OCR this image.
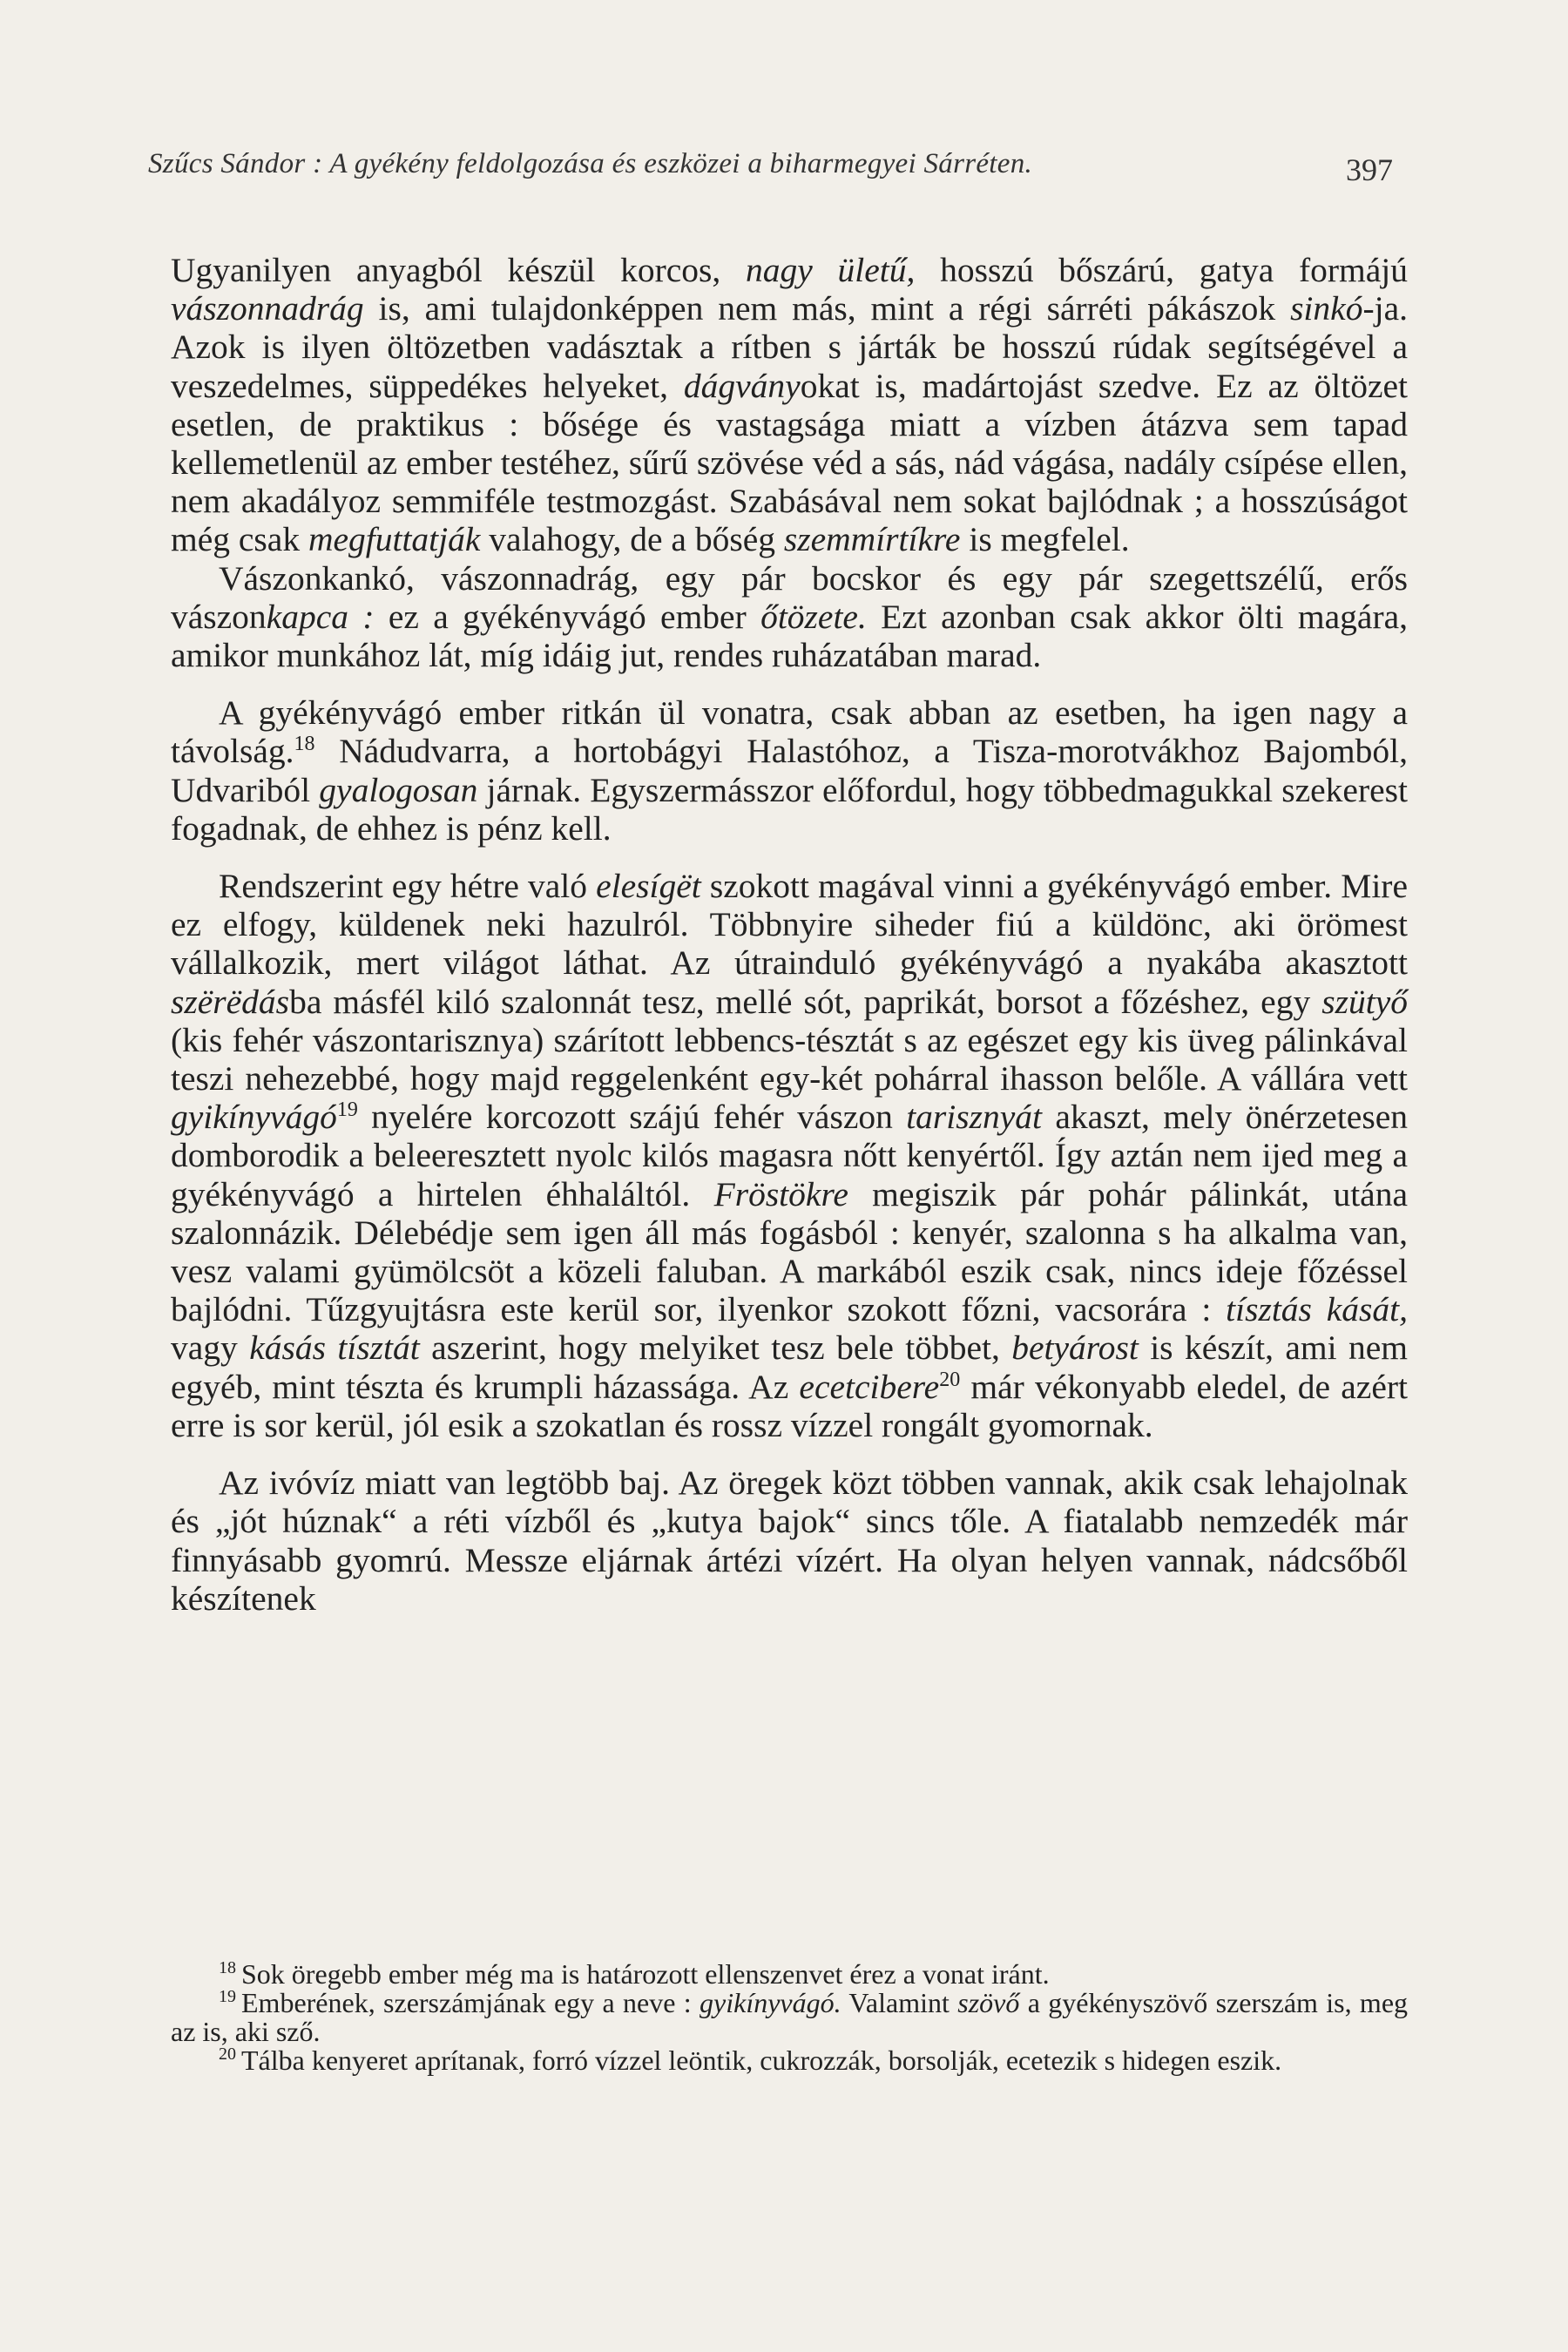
Szűcs Sándor : A gyékény feldolgozása és eszközei a biharmegyei Sárréten.	397

Ugyanilyen anyagból készül korcos, nagy ületű, hosszú bőszárú, gatya formájú vászonnadrág is, ami tulajdonképpen nem más, mint a régi sárréti pákászok sinkó-ja. Azok is ilyen öltözetben vadásztak a rítben s járták be hosszú rúdak segítségével a veszedelmes, süppedékes helyeket, dágványokat is, madártojást szedve. Ez az öltözet esetlen, de praktikus : bősége és vastagsága miatt a vízben átázva sem tapad kellemetlenül az ember testéhez, sűrű szövése véd a sás, nád vágása, nadály csípése ellen, nem akadályoz semmiféle testmozgást. Szabásával nem sokat bajlódnak ; a hosszúságot még csak megfuttatják valahogy, de a bőség szemmírtíkre is megfelel.

Vászonkankó, vászonnadrág, egy pár bocskor és egy pár szegettszélű, erős vászonkapca : ez a gyékényvágó ember őtözete. Ezt azonban csak akkor ölti magára, amikor munkához lát, míg idáig jut, rendes ruházatában marad.

A gyékényvágó ember ritkán ül vonatra, csak abban az esetben, ha igen nagy a távolság.$^{18}$ Nádudvarra, a hortobágyi Halastóhoz, a Tisza-morotvákhoz Bajomból, Udvariból gyalogosan járnak. Egyszermásszor előfordul, hogy többedmagukkal szekerest fogadnak, de ehhez is pénz kell.

Rendszerint egy hétre való elesígët szokott magával vinni a gyékényvágó ember. Mire ez elfogy, küldenek neki hazulról. Többnyire siheder fiú a küldönc, aki örömest vállalkozik, mert világot láthat. Az útrainduló gyékényvágó a nyakába akasztott szërëdásba másfél kiló szalonnát tesz, mellé sót, paprikát, borsot a főzéshez, egy szütyő (kis fehér vászontarisznya) szárított lebbencs-tésztát s az egészet egy kis üveg pálinkával teszi nehezebbé, hogy majd reggelenként egy-két pohárral ihasson belőle. A vállára vett gyikínyvágó$^{19}$ nyelére korcozott szájú fehér vászon tarisznyát akaszt, mely önérzetesen domborodik a beleeresztett nyolc kilós magasra nőtt kenyértől. Így aztán nem ijed meg a gyékényvágó a hirtelen éhhaláltól. Fröstökre megiszik pár pohár pálinkát, utána szalonnázik. Délebédje sem igen áll más fogásból : kenyér, szalonna s ha alkalma van, vesz valami gyümölcsöt a közeli faluban. A markából eszik csak, nincs ideje főzéssel bajlódni. Tűzgyujtásra este kerül sor, ilyenkor szokott főzni, vacsorára : tísztás kását, vagy kásás tísztát aszerint, hogy melyiket tesz bele többet, betyárost is készít, ami nem egyéb, mint tészta és krumpli házassága. Az ecetcibere$^{20}$ már vékonyabb eledel, de azért erre is sor kerül, jól esik a szokatlan és rossz vízzel rongált gyomornak.

Az ivóvíz miatt van legtöbb baj. Az öregek közt többen vannak, akik csak lehajolnak és „jót húznak“ a réti vízből és „kutya bajok“ sincs tőle. A fiatalabb nemzedék már finnyásabb gyomrú. Messze eljárnak ártézi vízért. Ha olyan helyen vannak, nádcsőből készítenek

$^{18}$ Sok öregebb ember még ma is határozott ellenszenvet érez a vonat iránt.

$^{19}$ Emberének, szerszámjának egy a neve : gyikínyvágó. Valamint szövő a gyékényszövő szerszám is, meg az is, aki sző.

$^{20}$ Tálba kenyeret aprítanak, forró vízzel leöntik, cukrozzák, borsolják, ecetezik s hidegen eszik.
